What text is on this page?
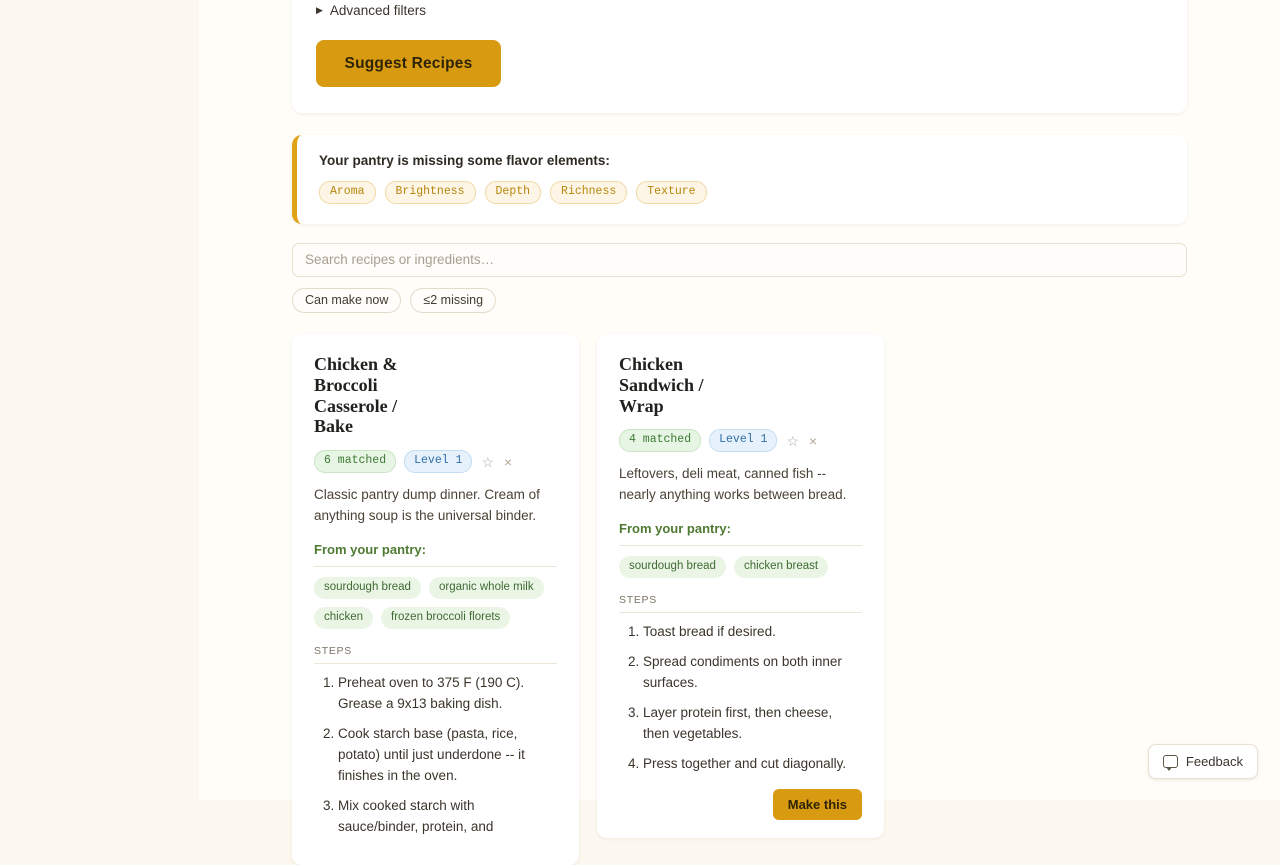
▶ Advanced filters
Suggest Recipes
Your pantry is missing some flavor elements:
Aroma	Brightness	Depth	Richness	Texture
Search recipes or ingredients…
Can make now	≤2 missing
Chicken & Broccoli Casserole / Bake
6 matched	Level 1	☆ ×
Classic pantry dump dinner. Cream of anything soup is the universal binder.
From your pantry:
sourdough bread	organic whole milk
chicken	frozen broccoli florets
STEPS
1. Preheat oven to 375 F (190 C). Grease a 9x13 baking dish.
2. Cook starch base (pasta, rice, potato) until just underdone -- it finishes in the oven.
3. Mix cooked starch with sauce/binder, protein, and
Chicken Sandwich / Wrap
4 matched	Level 1	☆ ×
Leftovers, deli meat, canned fish -- nearly anything works between bread.
From your pantry:
sourdough bread	chicken breast
STEPS
1. Toast bread if desired.
2. Spread condiments on both inner surfaces.
3. Layer protein first, then cheese, then vegetables.
4. Press together and cut diagonally.
Make this
Feedback
